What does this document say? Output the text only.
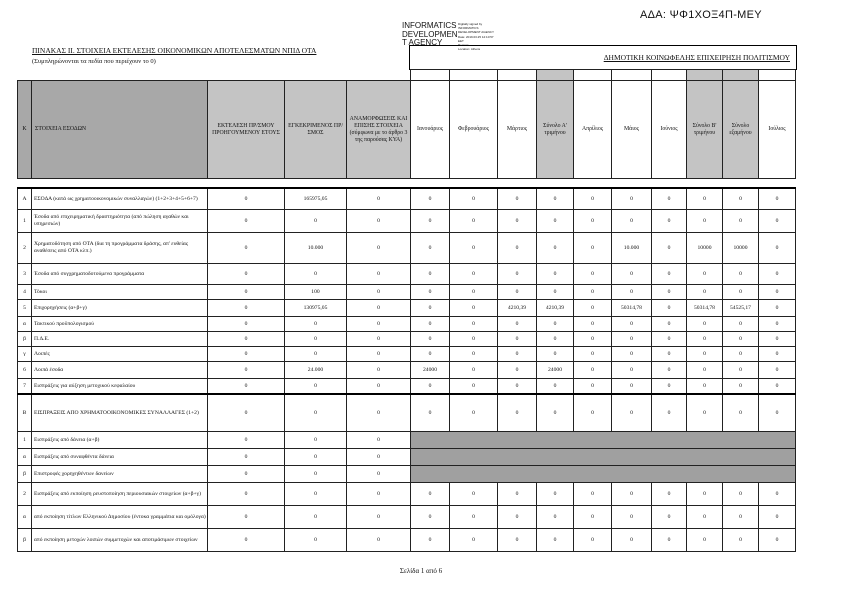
ΑΔΑ: ΨΦ1ΧΟΞ4Π-ΜΕΥ
INFORMATICS
DEVELOPMEN
T AGENCY
Digitally signed by
INFORMATICS
DEVELOPMENT AGENCY
Date: 2019.03.25 12:10:57
EET
Reason:
Location: Athens
ΠΙΝΑΚΑΣ II. ΣΤΟΙΧΕΙΑ ΕΚΤΕΛΕΣΗΣ ΟΙΚΟΝΟΜΙΚΩΝ ΑΠΟΤΕΛΕΣΜΑΤΩΝ ΝΠΙΔ ΟΤΑ
(Συμπληρώνονται τα πεδία που περιέχουν το 0)	ΔΗΜΟΤΙΚΗ ΚΟΙΝΩΦΕΛΗΣ ΕΠΙΧΕΙΡΗΣΗ ΠΟΛΙΤΙΣΜΟΥ

Κ	ΣΤΟΙΧΕΙΑ ΕΣΟΔΩΝ	ΕΚΤΕΛΕΣΗ ΠΡ/ΣΜΟΥ ΠΡΟΗΓΟΥΜΕΝΟΥ ΕΤΟΥΣ	ΕΓΚΕΚΡΙΜΕΝΟΣ ΠΡ/ΣΜΟΣ	ΑΝΑΜΟΡΦΩΣΕΙΣ ΚΑΙ ΕΠΙΣΗΣ ΣΤΟΙΧΕΙΑ (σύμφωνα με το άρθρο 3 της παρούσας ΚΥΑ)	Ιανουάριος	Φεβρουάριος	Μάρτιος	Σύνολο Α' τριμήνου	Απρίλιος	Μάιος	Ιούνιος	Σύνολο Β' τριμήνου	Σύνολο εξαμήνου	Ιούλιος	

Α	ΕΣΟΔΑ (κατά ως χρηματοοικονομικών συναλλαγών) (1+2+3+4+5+6+7)	0	165975,05	0	0	0	0	0	0	0	0	0	0	0	
1	Έσοδα από επιχειρηματική δραστηριότητα (από πώληση αγαθών και υπηρεσιών)	0	0	0	0	0	0	0	0	0	0	0	0	0	
2	Χρηματοδότηση από ΟΤΑ (δια τη προγράμματα δράσης, απ' ευθείας αναθέσεις από ΟΤΑ κλπ.)	0	10.000	0	0	0	0	0	0	10.000	0	10000	10000	0	
3	Έσοδα από συγχρηματοδοτούμενα προγράμματα	0	0	0	0	0	0	0	0	0	0	0	0	0	
4	Τόκοι	0	100	0	0	0	0	0	0	0	0	0	0	0	
5	Επιχορηγήσεις (α+β+γ)	0	130975,05	0	0	0	4210,39	4210,39	0	50314,78	0	50314,78	54525,17	0	
α	Τακτικού προϋπολογισμού	0	0	0	0	0	0	0	0	0	0	0	0	0	
β	Π.Δ.Ε.	0	0	0	0	0	0	0	0	0	0	0	0	0	
γ	Λοιπές	0	0	0	0	0	0	0	0	0	0	0	0	0	
6	Λοιπά έσοδα	0	24.000	0	24000	0	0	24000	0	0	0	0	0	0	
7	Εισπράξεις για αύξηση μετοχικού κεφαλαίου	0	0	0	0	0	0	0	0	0	0	0	0	0	
Β	ΕΙΣΠΡΑΞΕΙΣ ΑΠΟ ΧΡΗΜΑΤΟΟΙΚΟΝΟΜΙΚΕΣ ΣΥΝΑΛΛΑΓΕΣ (1+2)	0	0	0	0	0	0	0	0	0	0	0	0	0	
1	Εισπράξεις από δάνεια (α+β)	0	0	0											
α	Εισπράξεις από συναφθέντα δάνεια	0	0	0											
β	Επιστροφές χορηγηθέντων δανείων	0	0	0											
2	Εισπράξεις από εκποίηση ρευστοποίηση περιουσιακών στοιχείων (α+β+γ)	0	0	0	0	0	0	0	0	0	0	0	0	0	
α	από εκποίηση τίτλων Ελληνικού Δημοσίου (έντοκα γραμμάτια και ομόλογα)	0	0	0	0	0	0	0	0	0	0	0	0	0	
β	από εκποίηση μετοχών λοιπών συμμετοχών και αποτιμάσιμων στοιχείων	0	0	0	0	0	0	0	0	0	0	0	0	0	
Σελίδα 1 από 6
